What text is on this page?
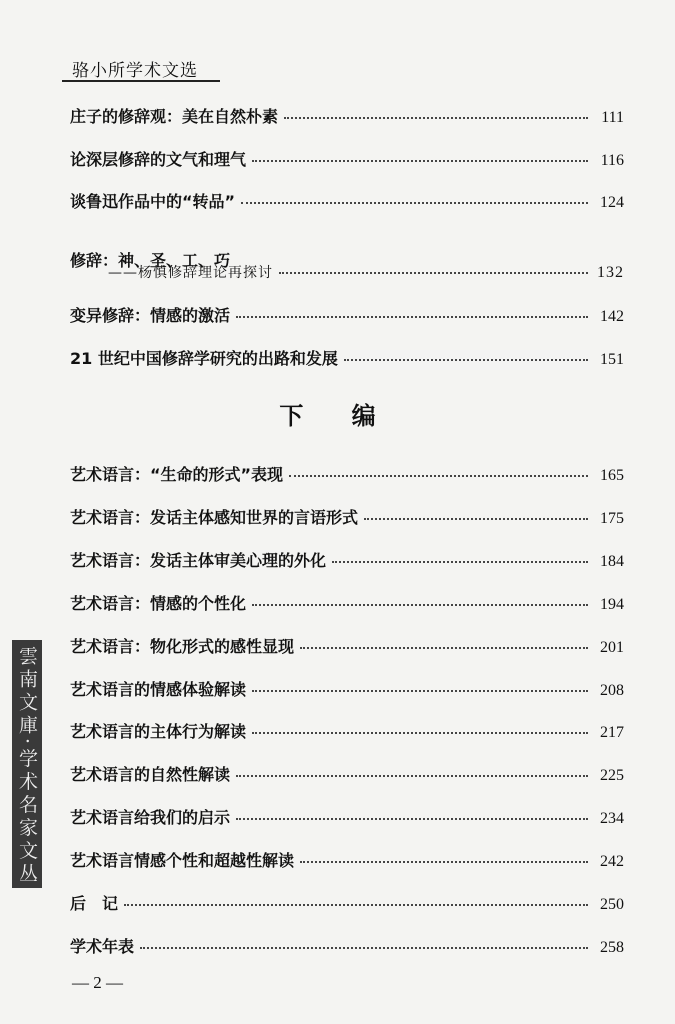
骆小所学术文选
庄子的修辞观：美在自然朴素	111
论深层修辞的文气和理气	116
谈鲁迅作品中的“转品”	124
修辞：神、圣、工、巧
——杨慎修辞理论再探讨	132
变异修辞：情感的激活	142
21 世纪中国修辞学研究的出路和发展	151
下 编
艺术语言：“生命的形式”表现	165
艺术语言：发话主体感知世界的言语形式	175
艺术语言：发话主体审美心理的外化	184
艺术语言：情感的个性化	194
艺术语言：物化形式的感性显现	201
艺术语言的情感体验解读	208
艺术语言的主体行为解读	217
艺术语言的自然性解读	225
艺术语言给我们的启示	234
艺术语言情感个性和超越性解读	242
后　记	250
学术年表	258
雲南文庫·学术名家文丛
— 2 —
